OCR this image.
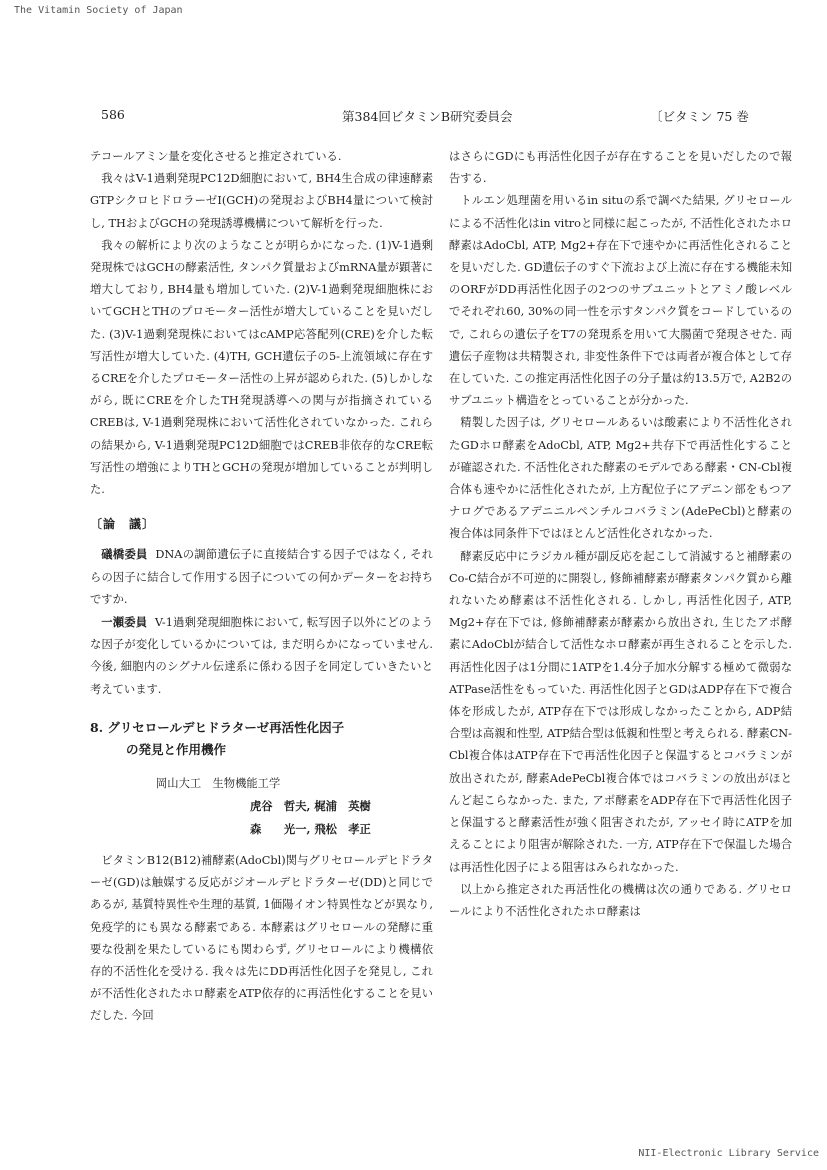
The Vitamin Society of Japan
586	第384回ビタミンB研究委員会	〔ビタミン 75 巻

テコールアミン量を変化させると推定されている.

我々はV-1過剰発現PC12D細胞において, BH4生合成の律速酵素GTPシクロヒドロラーゼI(GCH)の発現およびBH4量について検討し, THおよびGCHの発現誘導機構について解析を行った.

我々の解析により次のようなことが明らかになった. (1)V-1過剰発現株ではGCHの酵素活性, タンパク質量およびmRNA量が顕著に増大しており, BH4量も増加していた. (2)V-1過剰発現細胞株においてGCHとTHのプロモーター活性が増大していることを見いだした. (3)V-1過剰発現株においてはcAMP応答配列(CRE)を介した転写活性が増大していた. (4)TH, GCH遺伝子の5-上流領域に存在するCREを介したプロモーター活性の上昇が認められた. (5)しかしながら, 既にCREを介したTH発現誘導への関与が指摘されているCREBは, V-1過剰発現株において活性化されていなかった. これらの結果から, V-1過剰発現PC12D細胞ではCREB非依存的なCRE転写活性の増強によりTHとGCHの発現が増加していることが判明した.

〔論　議〕

礒橋委員 DNAの調節遺伝子に直接結合する因子ではなく, それらの因子に結合して作用する因子についての何かデーターをお持ちですか.

一瀬委員 V-1過剰発現細胞株において, 転写因子以外にどのような因子が変化しているかについては, まだ明らかになっていません. 今後, 細胞内のシグナル伝達系に係わる因子を同定していきたいと考えています.

8. グリセロールデヒドラターゼ再活性化因子

の発見と作用機作

岡山大工　生物機能工学

虎谷　哲夫, 梶浦　英樹

森　　光一, 飛松　孝正

ビタミンB12(B12)補酵素(AdoCbl)関与グリセロールデヒドラターゼ(GD)は触媒する反応がジオールデヒドラターゼ(DD)と同じであるが, 基質特異性や生理的基質, 1価陽イオン特異性などが異なり, 免疫学的にも異なる酵素である. 本酵素はグリセロールの発酵に重要な役割を果たしているにも関わらず, グリセロールにより機構依存的不活性化を受ける. 我々は先にDD再活性化因子を発見し, これが不活性化されたホロ酵素をATP依存的に再活性化することを見いだした. 今回

はさらにGDにも再活性化因子が存在することを見いだしたので報告する.

トルエン処理菌を用いるin situの系で調べた結果, グリセロールによる不活性化はin vitroと同様に起こったが, 不活性化されたホロ酵素はAdoCbl, ATP, Mg2+存在下で速やかに再活性化されることを見いだした. GD遺伝子のすぐ下流および上流に存在する機能未知のORFがDD再活性化因子の2つのサブユニットとアミノ酸レベルでそれぞれ60, 30%の同一性を示すタンパク質をコードしているので, これらの遺伝子をT7の発現系を用いて大腸菌で発現させた. 両遺伝子産物は共精製され, 非変性条件下では両者が複合体として存在していた. この推定再活性化因子の分子量は約13.5万で, A2B2のサブユニット構造をとっていることが分かった.

精製した因子は, グリセロールあるいは酸素により不活性化されたGDホロ酵素をAdoCbl, ATP, Mg2+共存下で再活性化することが確認された. 不活性化された酵素のモデルである酵素・CN-Cbl複合体も速やかに活性化されたが, 上方配位子にアデニン部をもつアナログであるアデニニルペンチルコバラミン(AdePeCbl)と酵素の複合体は同条件下ではほとんど活性化されなかった.

酵素反応中にラジカル種が副反応を起こして消滅すると補酵素のCo-C結合が不可逆的に開裂し, 修飾補酵素が酵素タンパク質から離れないため酵素は不活性化される. しかし, 再活性化因子, ATP, Mg2+存在下では, 修飾補酵素が酵素から放出され, 生じたアポ酵素にAdoCblが結合して活性なホロ酵素が再生されることを示した. 再活性化因子は1分間に1ATPを1.4分子加水分解する極めて微弱なATPase活性をもっていた. 再活性化因子とGDはADP存在下で複合体を形成したが, ATP存在下では形成しなかったことから, ADP結合型は高親和性型, ATP結合型は低親和性型と考えられる. 酵素CN-Cbl複合体はATP存在下で再活性化因子と保温するとコバラミンが放出されたが, 酵素AdePeCbl複合体ではコバラミンの放出がほとんど起こらなかった. また, アポ酵素をADP存在下で再活性化因子と保温すると酵素活性が強く阻害されたが, アッセイ時にATPを加えることにより阻害が解除された. 一方, ATP存在下で保温した場合は再活性化因子による阻害はみられなかった.

以上から推定された再活性化の機構は次の通りである. グリセロールにより不活性化されたホロ酵素は

NII-Electronic Library Service
